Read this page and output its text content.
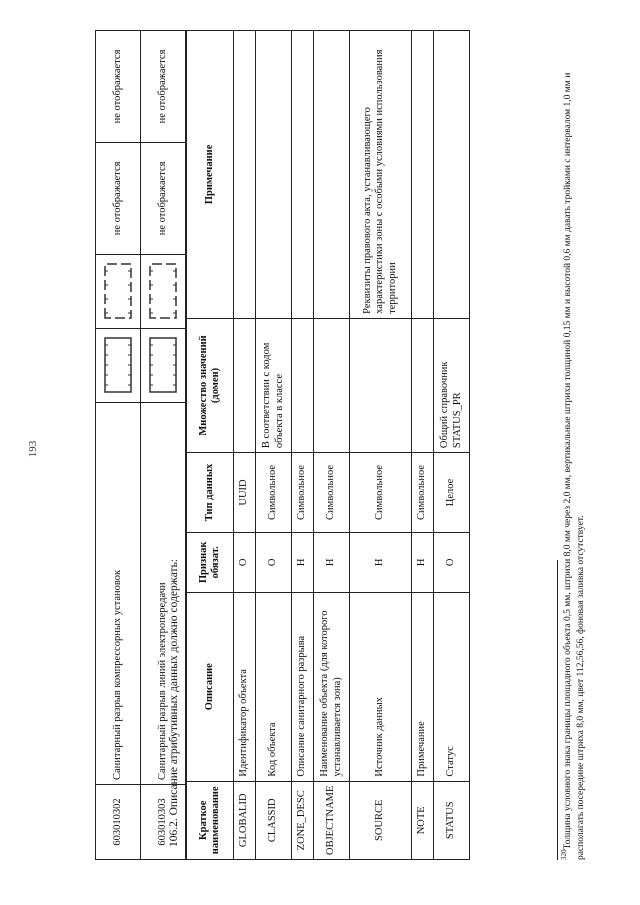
193
603010302	Санитарный разрыв компрессорных установок			не отображается	не отображается
603010303	Санитарный разрыв линий электропередачи			не отображается	не отображается
106.2. Описание атрибутивных данных должно содержать: Краткое наименование	Описание	Признак обязат.	Тип данных	Множество значений (домен)	Примечание
GLOBALID	Идентификатор объекта	О	UUID		
CLASSID	Код объекта	О	Символьное	В соответствии с кодом объекта в классе	
ZONE_DESC	Описание санитарного разрыва	Н	Символьное		
OBJECTNAME	Наименование объекта (для которого устанавливается зона)	Н	Символьное		
SOURCE	Источник данных	Н	Символьное		Реквизиты правового акта, устанавливающего характеристики зоны с особыми условиями использования территории
NOTE	Примечание	Н	Символьное		
STATUS	Статус	О	Целое	Общий справочник STATUS_PR	
$^{320}$Толщина условного знака границы площадного объекта 0,5 мм, штрихи 8,0 мм через 2,0 мм, вертикальные штрихи толщиной 0,15 мм и высотой 0,6 мм давать тройками с интервалом 1,0 мм и располагать посередине штриха 8,0 мм, цвет 112,56,56, фоновая заливка отсутствует.
